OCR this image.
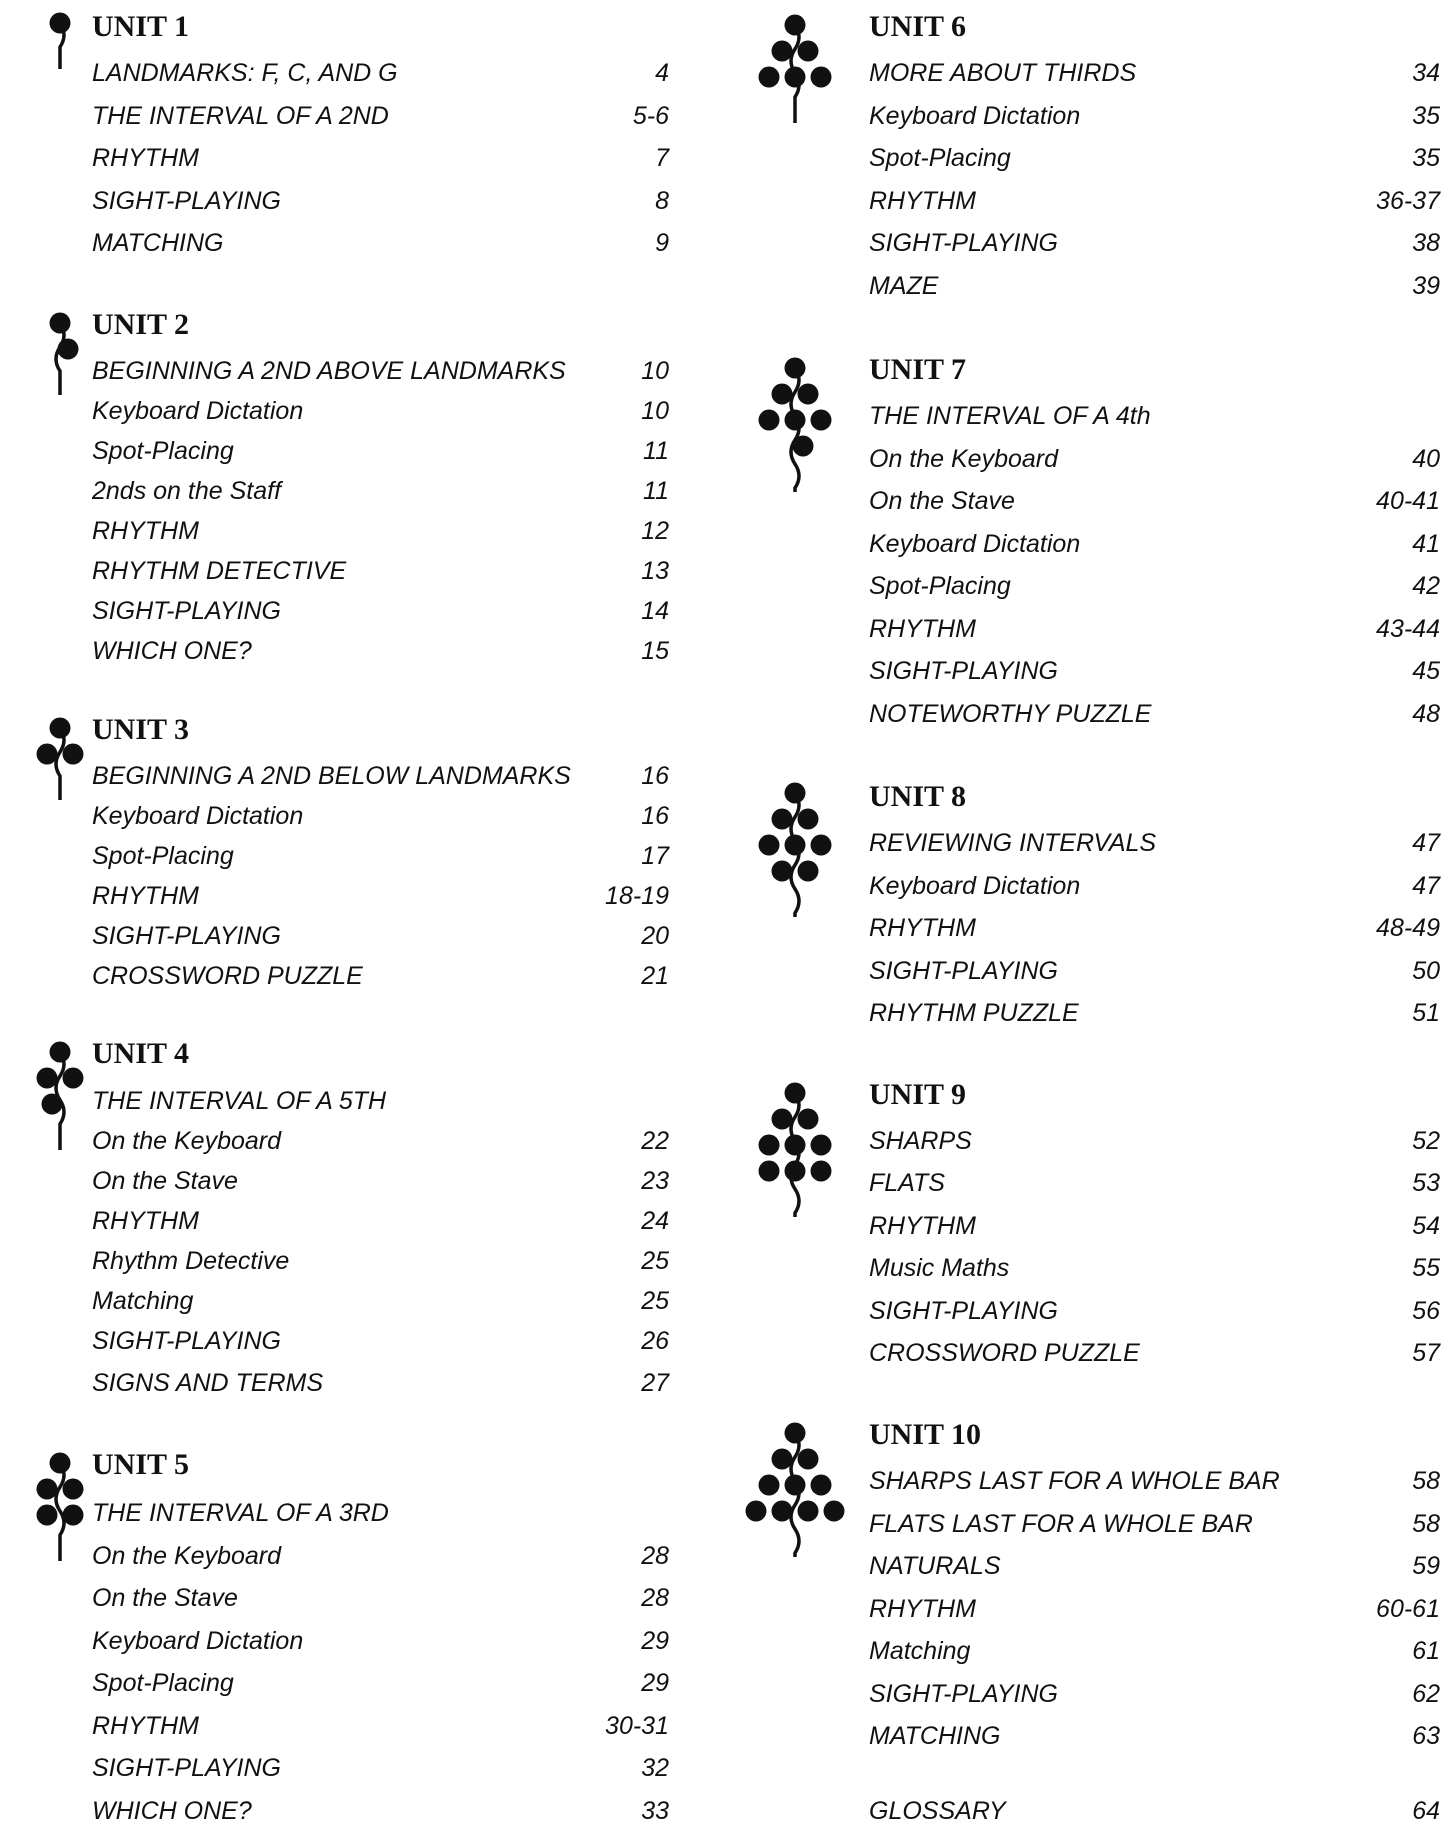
UNIT 1
LANDMARKS: F, C, AND G	4
THE INTERVAL OF A 2ND	5-6
RHYTHM	7
SIGHT-PLAYING	8
MATCHING	9
UNIT 2
BEGINNING A 2ND ABOVE LANDMARKS	10
Keyboard Dictation	10
Spot-Placing	11
2nds on the Staff	11
RHYTHM	12
RHYTHM DETECTIVE	13
SIGHT-PLAYING	14
WHICH ONE?	15
UNIT 3
BEGINNING A 2ND BELOW LANDMARKS	16
Keyboard Dictation	16
Spot-Placing	17
RHYTHM	18-19
SIGHT-PLAYING	20
CROSSWORD PUZZLE	21
UNIT 4
THE INTERVAL OF A 5TH
On the Keyboard	22
On the Stave	23
RHYTHM	24
Rhythm Detective	25
Matching	25
SIGHT-PLAYING	26
SIGNS AND TERMS	27
UNIT 5
THE INTERVAL OF A 3RD
On the Keyboard	28
On the Stave	28
Keyboard Dictation	29
Spot-Placing	29
RHYTHM	30-31
SIGHT-PLAYING	32
WHICH ONE?	33
UNIT 6
MORE ABOUT THIRDS	34
Keyboard Dictation	35
Spot-Placing	35
RHYTHM	36-37
SIGHT-PLAYING	38
MAZE	39
UNIT 7
THE INTERVAL OF A 4th
On the Keyboard	40
On the Stave	40-41
Keyboard Dictation	41
Spot-Placing	42
RHYTHM	43-44
SIGHT-PLAYING	45
NOTEWORTHY PUZZLE	48
UNIT 8
REVIEWING INTERVALS	47
Keyboard Dictation	47
RHYTHM	48-49
SIGHT-PLAYING	50
RHYTHM PUZZLE	51
UNIT 9
SHARPS	52
FLATS	53
RHYTHM	54
Music Maths	55
SIGHT-PLAYING	56
CROSSWORD PUZZLE	57
UNIT 10
SHARPS LAST FOR A WHOLE BAR	58
FLATS LAST FOR A WHOLE BAR	58
NATURALS	59
RHYTHM	60-61
Matching	61
SIGHT-PLAYING	62
MATCHING	63
GLOSSARY	64
